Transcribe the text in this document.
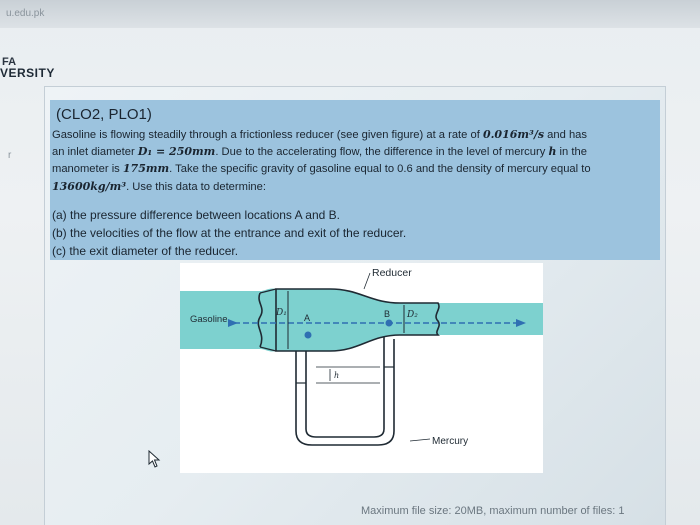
u.edu.pk
FA
VERSITY
r
(CLO2, PLO1)
Gasoline is flowing steadily through a frictionless reducer (see given figure) at a rate of 0.016m³/s and has
an inlet diameter D₁ = 250mm. Due to the accelerating flow, the difference in the level of mercury h in the
manometer is 175mm. Take the specific gravity of gasoline equal to 0.6 and the density of mercury equal to
13600kg/m³. Use this data to determine:
(a) the pressure difference between locations A and B.
(b) the velocities of the flow at the entrance and exit of the reducer.
(c) the exit diameter of the reducer.
Reducer
Gasoline
D₁ A	B D₂
h
Mercury
Maximum file size: 20MB, maximum number of files: 1
